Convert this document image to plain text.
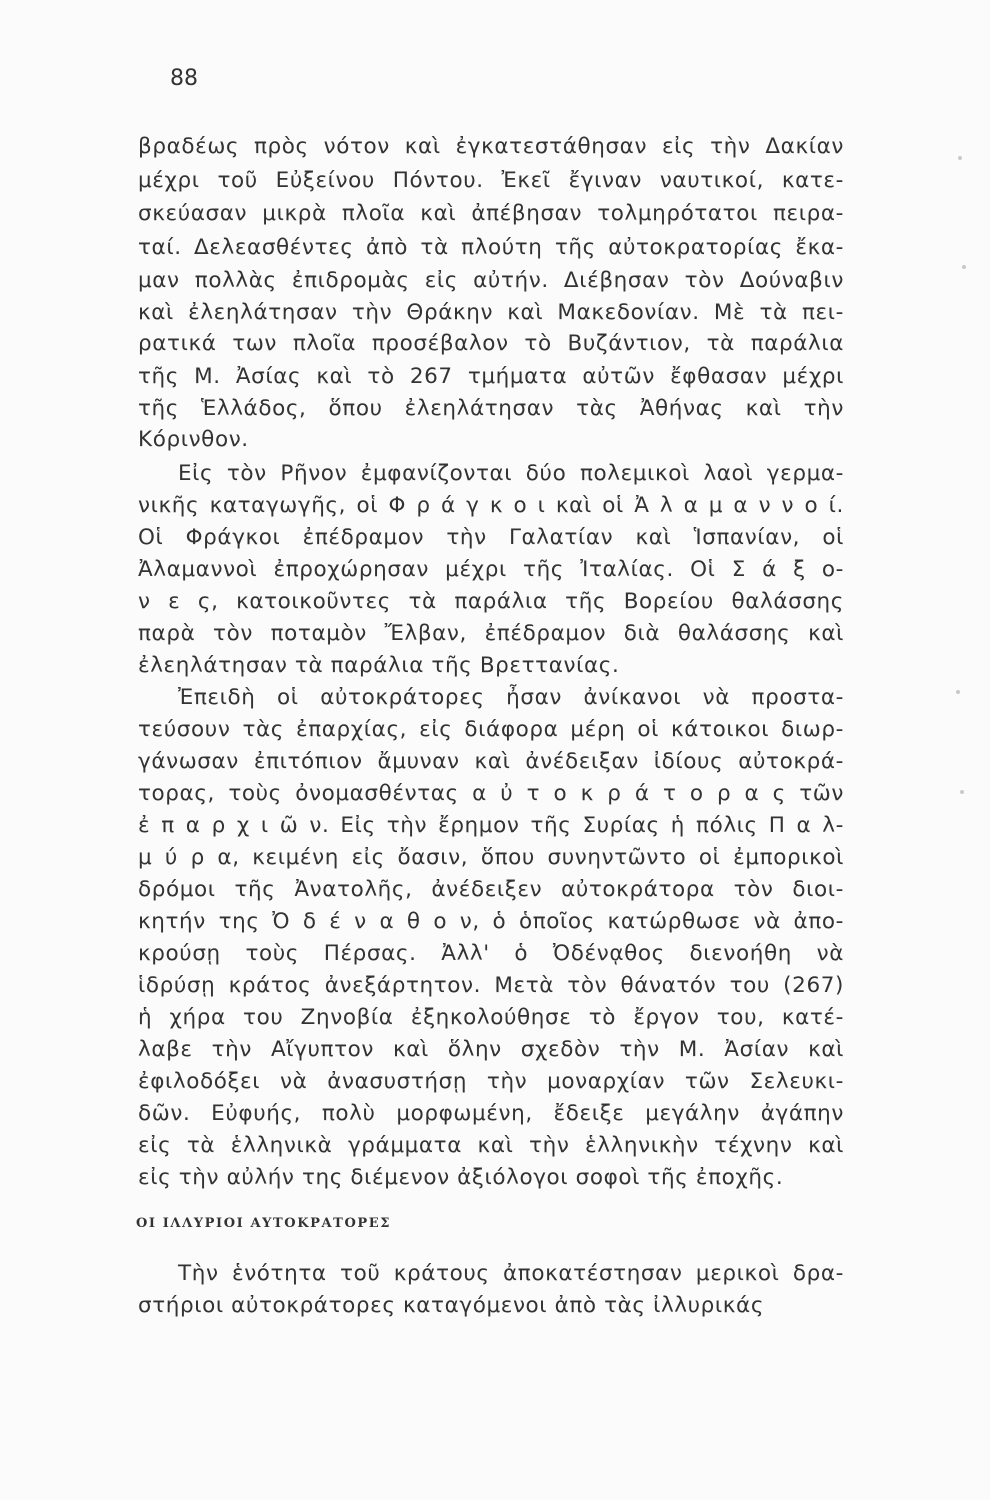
88
βραδέως πρὸς νότον καὶ ἐγκατεστάθησαν εἰς τὴν Δακίαν
μέχρι τοῦ Εὐξείνου Πόντου. Ἐκεῖ ἔγιναν ναυτικοί, κατε-
σκεύασαν μικρὰ πλοῖα καὶ ἀπέβησαν τολμηρότατοι πειρα-
ταί. Δελεασθέντες ἀπὸ τὰ πλούτη τῆς αὐτοκρατορίας ἔκα-
μαν πολλὰς ἐπιδρομὰς εἰς αὐτήν. Διέβησαν τὸν Δούναβιν
καὶ ἐλεηλάτησαν τὴν Θράκην καὶ Μακεδονίαν. Μὲ τὰ πει-
ρατικά των πλοῖα προσέβαλον τὸ Βυζάντιον, τὰ παράλια
τῆς Μ. Ἀσίας καὶ τὸ 267 τμήματα αὐτῶν ἔφθασαν μέχρι
τῆς Ἑλλάδος, ὅπου ἐλεηλάτησαν τὰς Ἀθήνας καὶ τὴν
Κόρινθον.
Εἰς τὸν Ρῆνον ἐμφανίζονται δύο πολεμικοὶ λαοὶ γερμα-
νικῆς καταγωγῆς, οἱ Φ ρ ά γ κ ο ι καὶ οἱ Ἀ λ α μ α ν ν ο ί.
Οἱ Φράγκοι ἐπέδραμον τὴν Γαλατίαν καὶ Ἱσπανίαν, οἱ
Ἀλαμαννοὶ ἐπροχώρησαν μέχρι τῆς Ἰταλίας. Οἱ Σ ά ξ ο-
ν ε ς, κατοικοῦντες τὰ παράλια τῆς Βορείου θαλάσσης
παρὰ τὸν ποταμὸν Ἔλβαν, ἐπέδραμον διὰ θαλάσσης καὶ
ἐλεηλάτησαν τὰ παράλια τῆς Βρεττανίας.
Ἐπειδὴ οἱ αὐτοκράτορες ἦσαν ἀνίκανοι νὰ προστα-
τεύσουν τὰς ἐπαρχίας, εἰς διάφορα μέρη οἱ κάτοικοι διωρ-
γάνωσαν ἐπιτόπιον ἄμυναν καὶ ἀνέδειξαν ἰδίους αὐτοκρά-
τορας, τοὺς ὀνομασθέντας α ὐ τ ο κ ρ ά τ ο ρ α ς τῶν
ἐ π α ρ χ ι ῶ ν. Εἰς τὴν ἔρημον τῆς Συρίας ἡ πόλις Π α λ-
μ ύ ρ α, κειμένη εἰς ὄασιν, ὅπου συνηντῶντο οἱ ἐμπορικοὶ
δρόμοι τῆς Ἀνατολῆς, ἀνέδειξεν αὐτοκράτορα τὸν διοι-
κητήν της Ὀ δ έ ν α θ ο ν, ὁ ὁποῖος κατώρθωσε νὰ ἀπο-
κρούσῃ τοὺς Πέρσας. Ἀλλ' ὁ Ὀδένᾳθος διενοήθη νὰ
ἱδρύσῃ κράτος ἀνεξάρτητον. Μετὰ τὸν θάνατόν του (267)
ἡ χήρα του Ζηνοβία ἐξηκολούθησε τὸ ἔργον του, κατέ-
λαβε τὴν Αἴγυπτον καὶ ὅλην σχεδὸν τὴν Μ. Ἀσίαν καὶ
ἐφιλοδόξει νὰ ἀνασυστήσῃ τὴν μοναρχίαν τῶν Σελευκι-
δῶν. Εὐφυής, πολὺ μορφωμένη, ἔδειξε μεγάλην ἀγάπην
εἰς τὰ ἑλληνικὰ γράμματα καὶ τὴν ἑλληνικὴν τέχνην καὶ
εἰς τὴν αὐλήν της διέμενον ἀξιόλογοι σοφοὶ τῆς ἐποχῆς.
ΟΙ ΙΛΛΥΡΙΟΙ ΑΥΤΟΚΡΑΤΟΡΕΣ
Τὴν ἑνότητα τοῦ κράτους ἀποκατέστησαν μερικοὶ δρα-
στήριοι αὐτοκράτορες καταγόμενοι ἀπὸ τὰς ἰλλυρικάς
